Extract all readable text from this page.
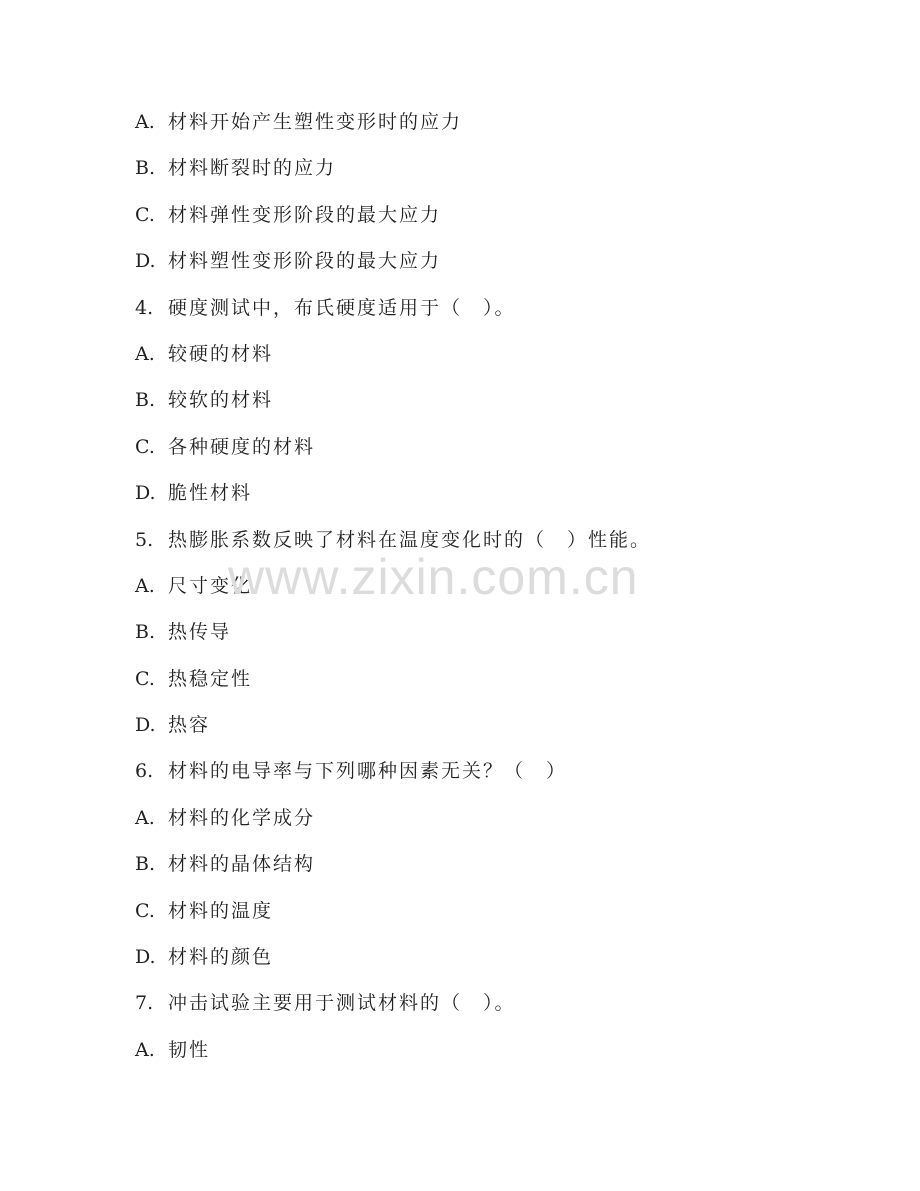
A. 材料开始产生塑性变形时的应力
B. 材料断裂时的应力
C. 材料弹性变形阶段的最大应力
D. 材料塑性变形阶段的最大应力
4. 硬度测试中，布氏硬度适用于（　）。
A. 较硬的材料
B. 较软的材料
C. 各种硬度的材料
D. 脆性材料
5. 热膨胀系数反映了材料在温度变化时的（　）性能。
A. 尺寸变化
B. 热传导
C. 热稳定性
D. 热容
6. 材料的电导率与下列哪种因素无关？（　）
A. 材料的化学成分
B. 材料的晶体结构
C. 材料的温度
D. 材料的颜色
7. 冲击试验主要用于测试材料的（　）。
A. 韧性
www.zixin.com.cn
